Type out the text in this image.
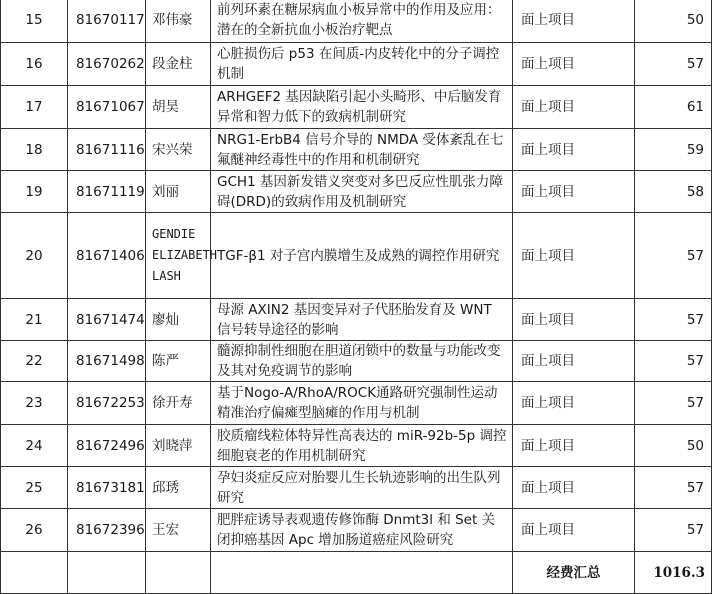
15	81670117	邓伟豪	前列环素在糖尿病血小板异常中的作用及应用：潜在的全新抗血小板治疗靶点	面上项目	50
16	81670262	段金柱	心脏损伤后 p53 在间质-内皮转化中的分子调控机制	面上项目	57
17	81671067	胡昊	ARHGEF2 基因缺陷引起小头畸形、中后脑发育异常和智力低下的致病机制研究	面上项目	61
18	81671116	宋兴荣	NRG1-ErbB4 信号介导的 NMDA 受体紊乱在七氟醚神经毒性中的作用和机制研究	面上项目	59
19	81671119	刘丽	GCH1 基因新发错义突变对多巴反应性肌张力障碍(DRD)的致病作用及机制研究	面上项目	58
20	81671406	GENDIE ELIZABETH LASH	TGF-β1 对子宫内膜增生及成熟的调控作用研究	面上项目	57
21	81671474	廖灿	母源 AXIN2 基因变异对子代胚胎发育及 WNT 信号转导途径的影响	面上项目	57
22	81671498	陈严	髓源抑制性细胞在胆道闭锁中的数量与功能改变及其对免疫调节的影响	面上项目	57
23	81672253	徐开寿	基于Nogo-A/RhoA/ROCK通路研究强制性运动精准治疗偏瘫型脑瘫的作用与机制	面上项目	57
24	81672496	刘晓萍	胶质瘤线粒体特异性高表达的 miR-92b-5p 调控细胞衰老的作用机制研究	面上项目	50
25	81673181	邱琇	孕妇炎症反应对胎婴儿生长轨迹影响的出生队列研究	面上项目	57
26	81672396	王宏	肥胖症诱导表观遗传修饰酶 Dnmt3l 和 Set 关闭抑癌基因 Apc 增加肠道癌症风险研究	面上项目	57
				经费汇总	1016.3
